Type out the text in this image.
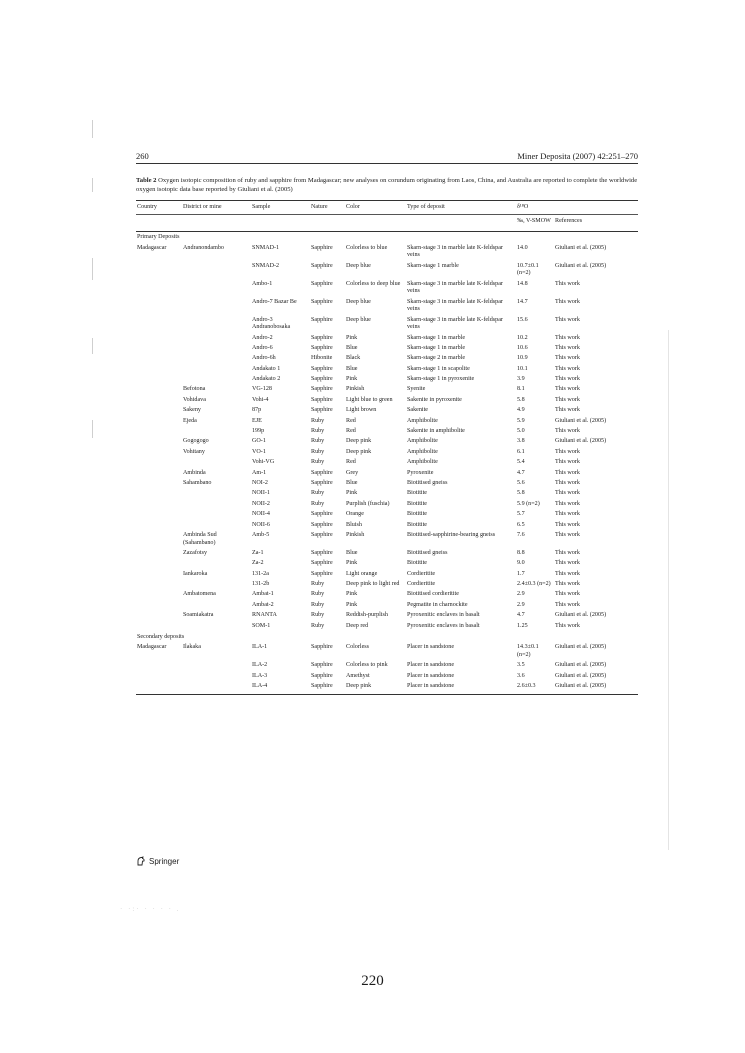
· ·:· · · · · .
260	Miner Deposita (2007) 42:251–270
Table 2 Oxygen isotopic composition of ruby and sapphire from Madagascar; new analyses on corundum originating from Laos, China, and Australia are reported to complete the worldwide oxygen isotopic data base reported by Giuliani et al. (2005)
Country	District or mine	Sample	Nature	Color	Type of deposit	δ¹⁸O	
						‰, V-SMOW	References
Primary Deposits							
Madagascar	Andranondambo	SNMAD-1	Sapphire	Colorless to blue	Skarn-stage 3 in marble late K-feldspar veins	14.0	Giuliani et al. (2005)
		SNMAD-2	Sapphire	Deep blue	Skarn-stage 1 marble	10.7±0.1 (n=2)	Giuliani et al. (2005)
		Ambo-1	Sapphire	Colorless to deep blue	Skarn-stage 3 in marble late K-feldspar veins	14.8	This work
		Andro-7 Bazar Be	Sapphire	Deep blue	Skarn-stage 3 in marble late K-feldspar veins	14.7	This work
		Andro-3 Andranobosaka	Sapphire	Deep blue	Skarn-stage 3 in marble late K-feldspar veins	15.6	This work
		Andro-2	Sapphire	Pink	Skarn-stage 1 in marble	10.2	This work
		Andro-6	Sapphire	Blue	Skarn-stage 1 in marble	10.6	This work
		Andro-6h	Hibonite	Black	Skarn-stage 2 in marble	10.9	This work
		Andakato 1	Sapphire	Blue	Skarn-stage 1 in scapolite	10.1	This work
		Andakato 2	Sapphire	Pink	Skarn-stage 1 in pyroxenite	3.9	This work
	Befotona	VG-128	Sapphire	Pinkish	Syenite	8.1	This work
	Vohidava	Vohi-4	Sapphire	Light blue to green	Sakenite in pyroxenite	5.8	This work
	Sakeny	87p	Sapphire	Light brown	Sakenite	4.9	This work
	Ejeda	EJE	Ruby	Red	Amphibolite	5.9	Giuliani et al. (2005)
		199p	Ruby	Red	Sakenite in amphibolite	5.0	This work
	Gogogogo	GO-1	Ruby	Deep pink	Amphibolite	3.8	Giuliani et al. (2005)
	Vohitany	VO-1	Ruby	Deep pink	Amphibolite	6.1	This work
		Vohi-VG	Ruby	Red	Amphibolite	5.4	This work
	Ambinda	Am-1	Sapphire	Grey	Pyroxenite	4.7	This work
	Sahambano	NOI-2	Sapphire	Blue	Biotitised gneiss	5.6	This work
		NOII-1	Ruby	Pink	Biotitite	5.8	This work
		NOII-2	Ruby	Purplish (fuschia)	Biotitite	5.9 (n=2)	This work
		NOII-4	Sapphire	Orange	Biotitite	5.7	This work
		NOII-6	Sapphire	Bluish	Biotitite	6.5	This work
	Ambinda Sud (Sahambano)	Amb-5	Sapphire	Pinkish	Biotitised-sapphirine-bearing gneiss	7.6	This work
	Zazafotsy	Za-1	Sapphire	Blue	Biotitised gneiss	8.8	This work
		Za-2	Sapphire	Pink	Biotitite	9.0	This work
	Iankaroka	131-2a	Sapphire	Light orange	Cordieritite	1.7	This work
		131-2b	Ruby	Deep pink to light red	Cordieritite	2.4±0.3 (n=2)	This work
	Ambatomena	Ambat-1	Ruby	Pink	Biotitised cordieritite	2.9	This work
		Ambat-2	Ruby	Pink	Pegmatite in charnockite	2.9	This work
	Soamiakatra	RNANTA	Ruby	Reddish-purplish	Pyroxenitic enclaves in basalt	4.7	Giuliani et al. (2005)
		SOM-1	Ruby	Deep red	Pyroxenitic enclaves in basalt	1.25	This work
Secondary deposits							
Madagascar	Ilakaka	ILA-1	Sapphire	Colorless	Placer in sandstone	14.3±0.1 (n=2)	Giuliani et al. (2005)
		ILA-2	Sapphire	Colorless to pink	Placer in sandstone	3.5	Giuliani et al. (2005)
		ILA-3	Sapphire	Amethyst	Placer in sandstone	3.6	Giuliani et al. (2005)
		ILA-4	Sapphire	Deep pink	Placer in sandstone	2.6±0.3	Giuliani et al. (2005)
Springer
220
